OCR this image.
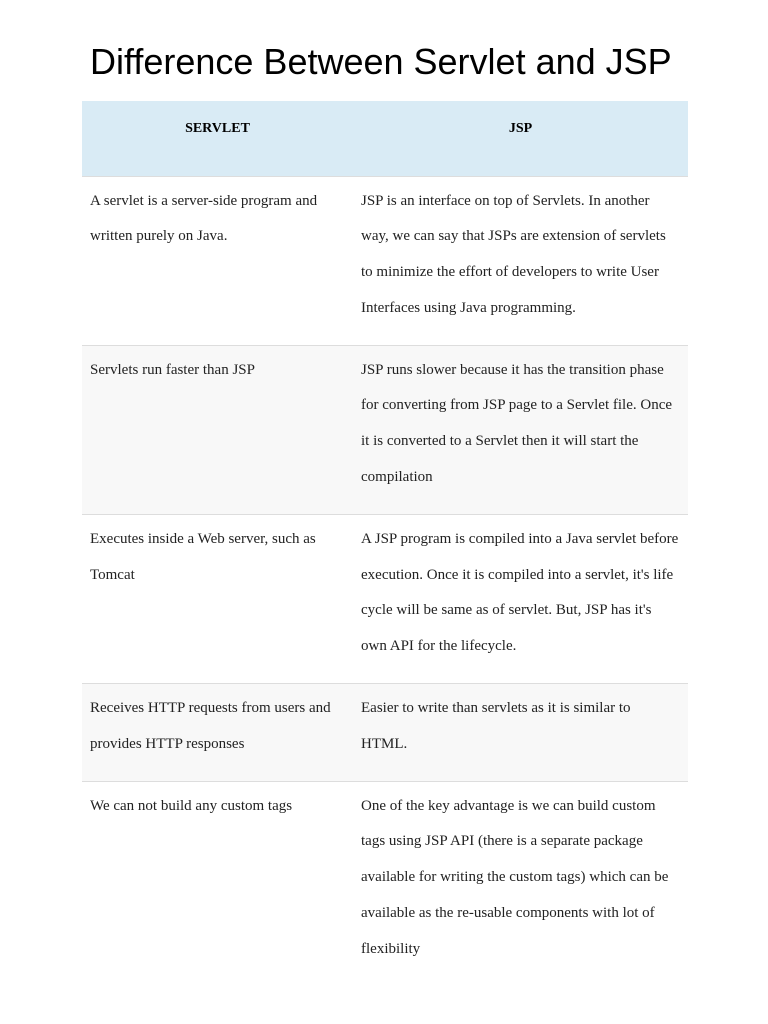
Difference Between Servlet and JSP
SERVLET	JSP
A servlet is a server-side program and written purely on Java.	JSP is an interface on top of Servlets. In another way, we can say that JSPs are extension of servlets to minimize the effort of developers to write User Interfaces using Java programming.
Servlets run faster than JSP	JSP runs slower because it has the transition phase for converting from JSP page to a Servlet file. Once it is converted to a Servlet then it will start the compilation
Executes inside a Web server, such as Tomcat	A JSP program is compiled into a Java servlet before execution. Once it is compiled into a servlet, it's life cycle will be same as of servlet. But, JSP has it's own API for the lifecycle.
Receives HTTP requests from users and provides HTTP responses	Easier to write than servlets as it is similar to HTML.
We can not build any custom tags	One of the key advantage is we can build custom tags using JSP API (there is a separate package available for writing the custom tags) which can be available as the re-usable components with lot of flexibility
